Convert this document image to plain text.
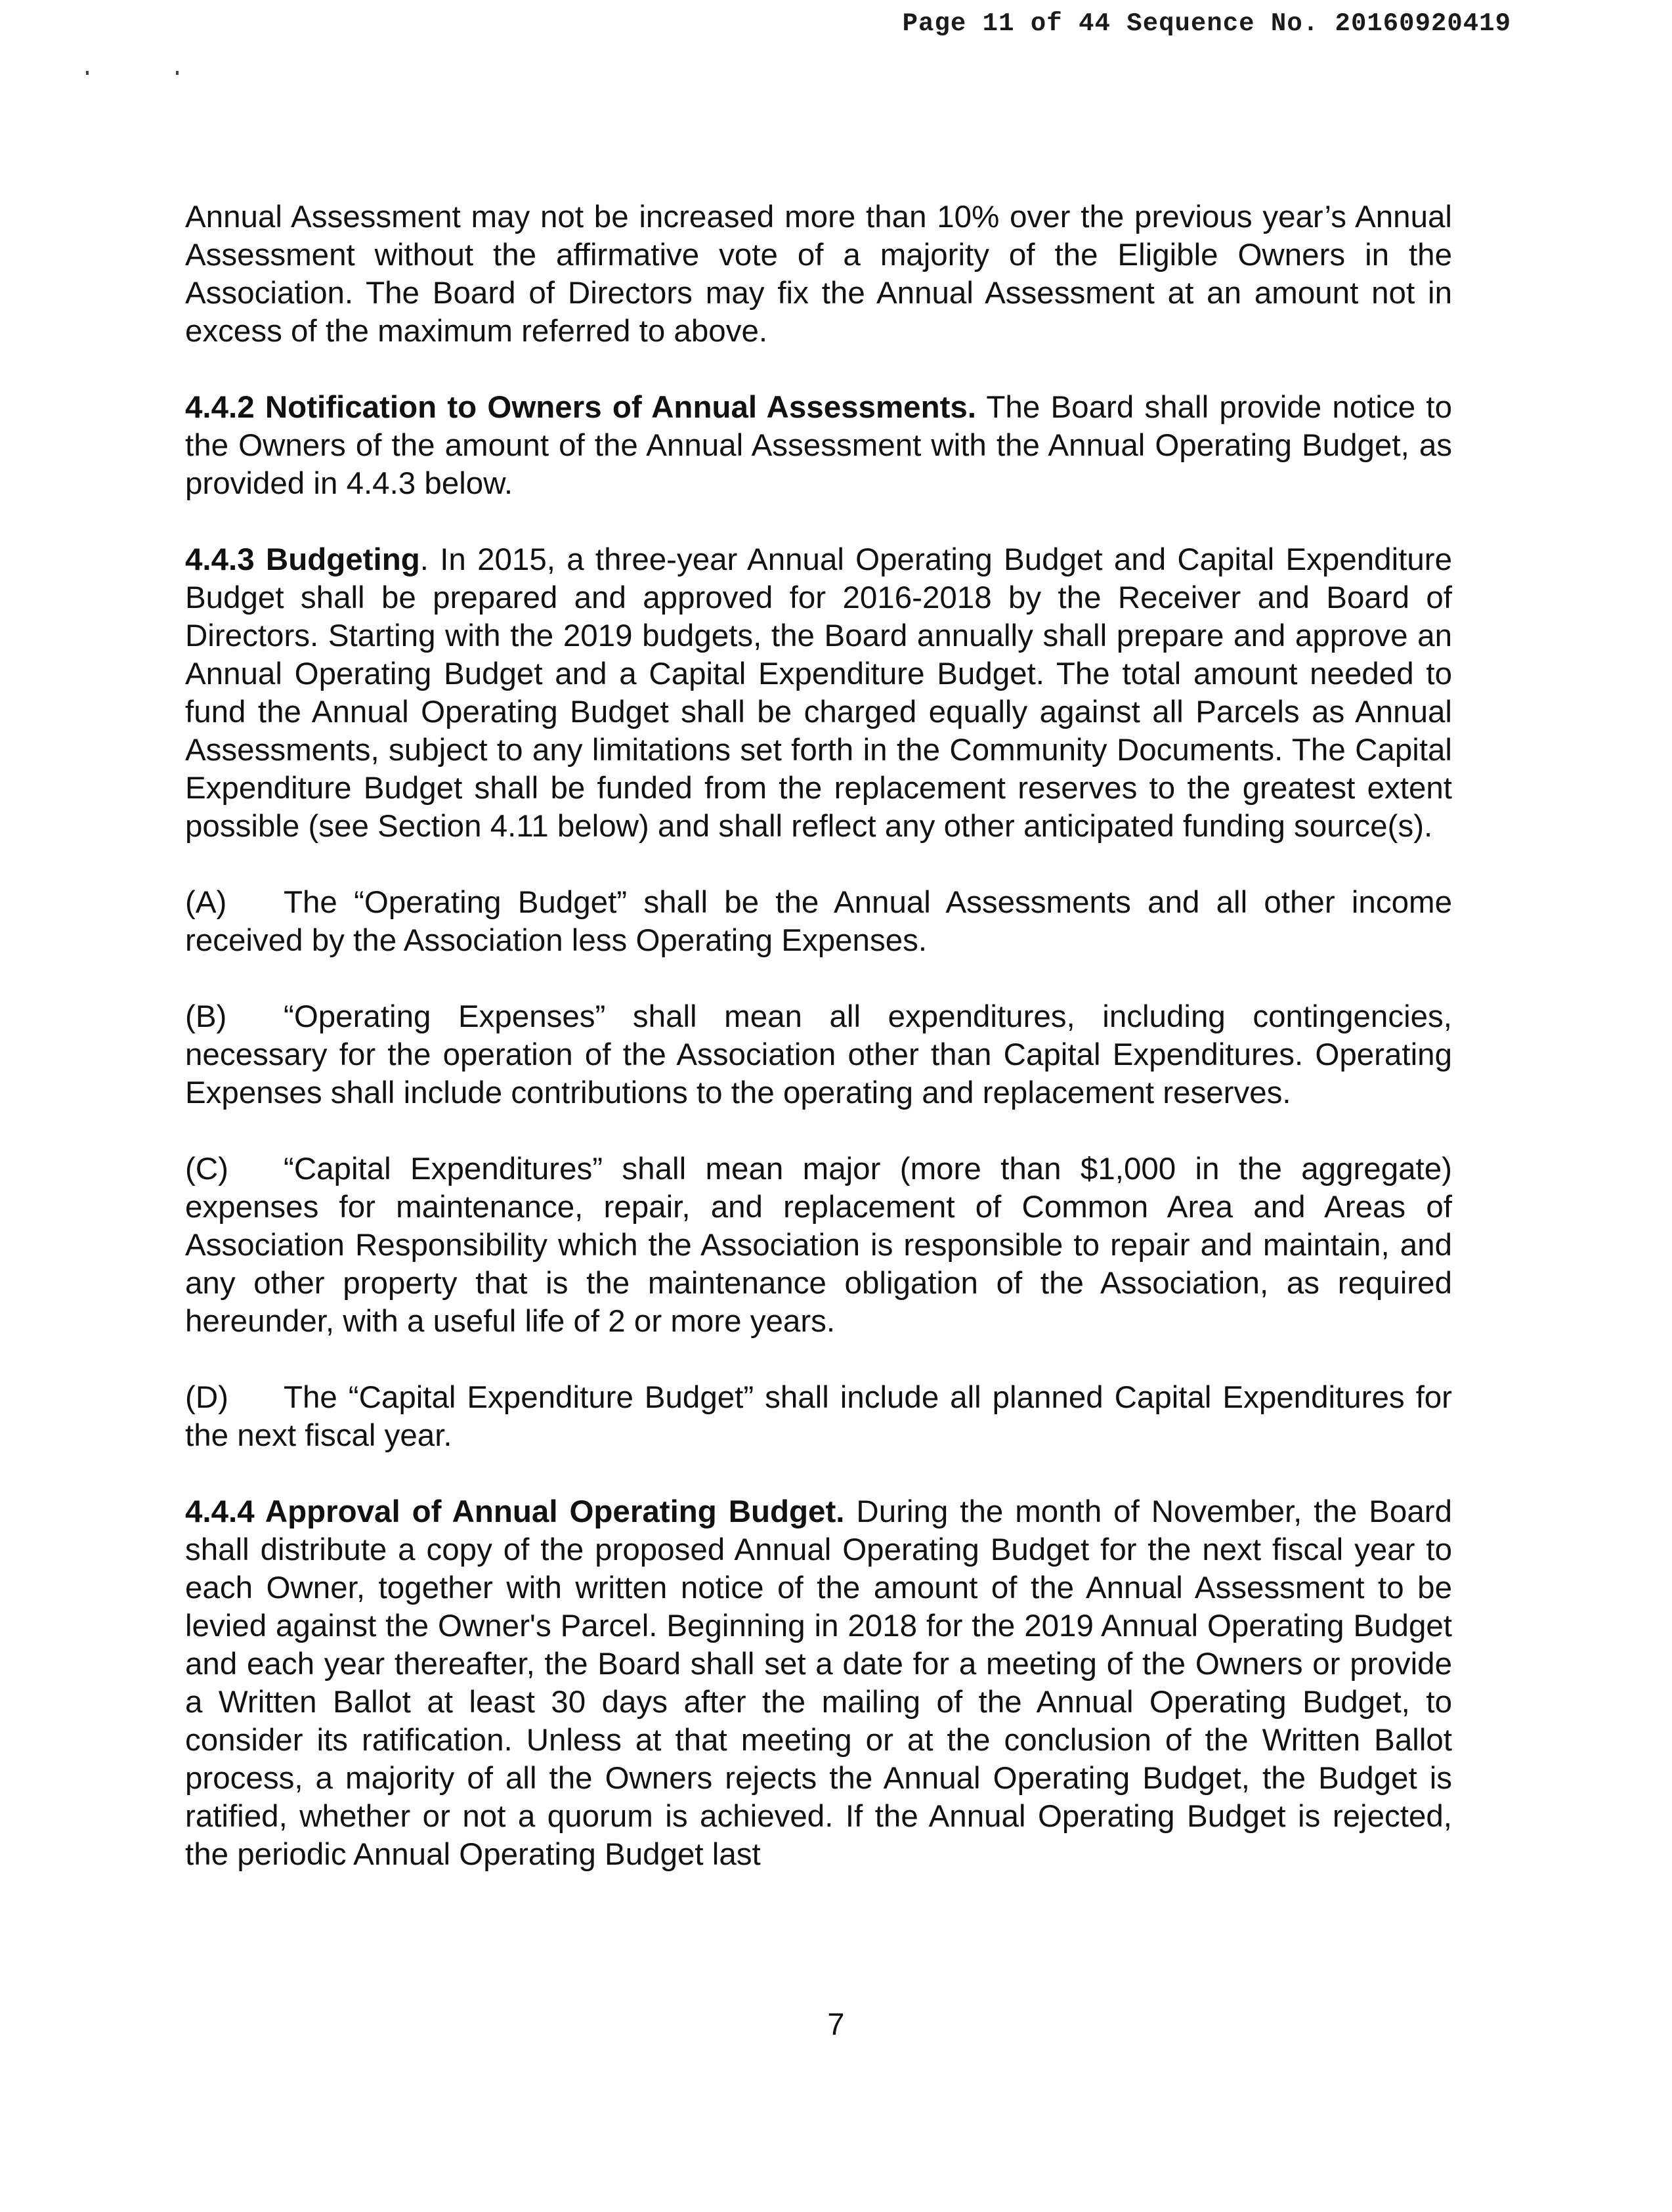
Page 11 of 44 Sequence No. 20160920419

Annual Assessment may not be increased more than 10% over the previous year’s Annual Assessment without the affirmative vote of a majority of the Eligible Owners in the Association. The Board of Directors may fix the Annual Assessment at an amount not in excess of the maximum referred to above.

4.4.2 Notification to Owners of Annual Assessments. The Board shall provide notice to the Owners of the amount of the Annual Assessment with the Annual Operating Budget, as provided in 4.4.3 below.

4.4.3 Budgeting. In 2015, a three-year Annual Operating Budget and Capital Expenditure Budget shall be prepared and approved for 2016-2018 by the Receiver and Board of Directors. Starting with the 2019 budgets, the Board annually shall prepare and approve an Annual Operating Budget and a Capital Expenditure Budget. The total amount needed to fund the Annual Operating Budget shall be charged equally against all Parcels as Annual Assessments, subject to any limitations set forth in the Community Documents. The Capital Expenditure Budget shall be funded from the replacement reserves to the greatest extent possible (see Section 4.11 below) and shall reflect any other anticipated funding source(s).

(A) The “Operating Budget” shall be the Annual Assessments and all other income received by the Association less Operating Expenses.

(B) “Operating Expenses” shall mean all expenditures, including contingencies, necessary for the operation of the Association other than Capital Expenditures. Operating Expenses shall include contributions to the operating and replacement reserves.

(C) “Capital Expenditures” shall mean major (more than $1,000 in the aggregate) expenses for maintenance, repair, and replacement of Common Area and Areas of Association Responsibility which the Association is responsible to repair and maintain, and any other property that is the maintenance obligation of the Association, as required hereunder, with a useful life of 2 or more years.

(D) The “Capital Expenditure Budget” shall include all planned Capital Expenditures for the next fiscal year.

4.4.4 Approval of Annual Operating Budget. During the month of November, the Board shall distribute a copy of the proposed Annual Operating Budget for the next fiscal year to each Owner, together with written notice of the amount of the Annual Assessment to be levied against the Owner's Parcel. Beginning in 2018 for the 2019 Annual Operating Budget and each year thereafter, the Board shall set a date for a meeting of the Owners or provide a Written Ballot at least 30 days after the mailing of the Annual Operating Budget, to consider its ratification. Unless at that meeting or at the conclusion of the Written Ballot process, a majority of all the Owners rejects the Annual Operating Budget, the Budget is ratified, whether or not a quorum is achieved. If the Annual Operating Budget is rejected, the periodic Annual Operating Budget last

7
